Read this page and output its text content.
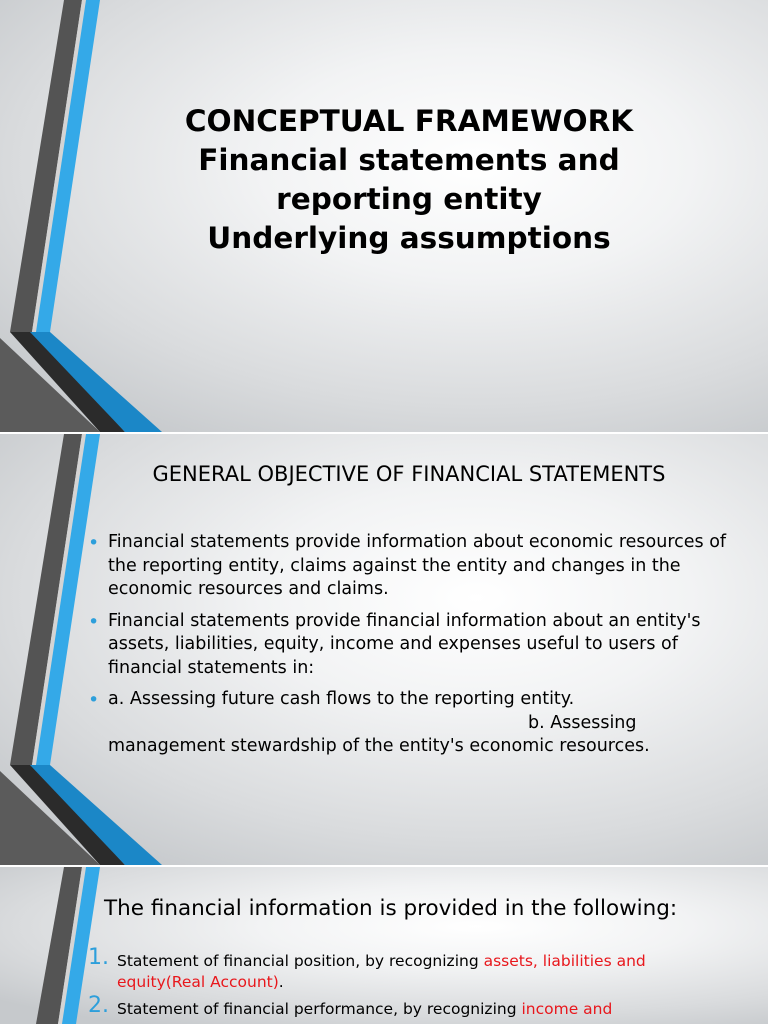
CONCEPTUAL FRAMEWORK
Financial statements and
reporting entity
Underlying assumptions
GENERAL OBJECTIVE OF FINANCIAL STATEMENTS
• Financial statements provide information about economic resources of the reporting entity, claims against the entity and changes in the economic resources and claims.
• Financial statements provide financial information about an entity's assets, liabilities, equity, income and expenses useful to users of financial statements in:
• a. Assessing future cash flows to the reporting entity.
b. Assessing
management stewardship of the entity's economic resources.
The financial information is provided in the following:
1. Statement of financial position, by recognizing assets, liabilities and equity(Real Account).
2. Statement of financial performance, by recognizing income and
